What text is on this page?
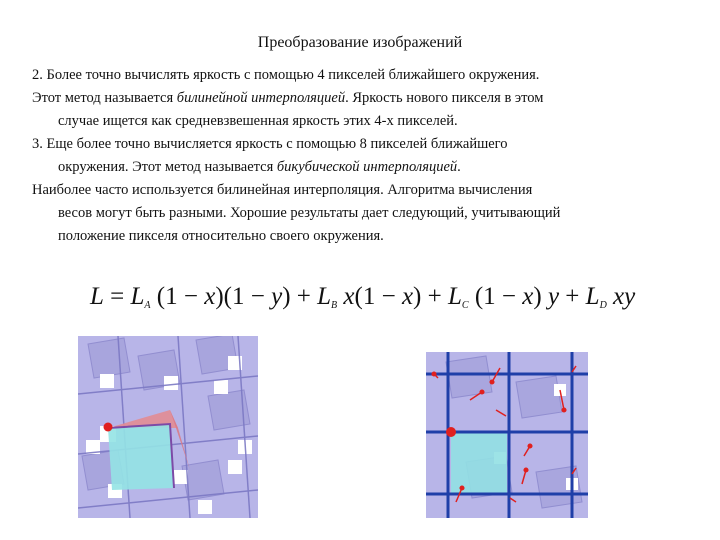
Преобразование изображений
2. Более точно вычислять яркость с помощью 4 пикселей ближайшего окружения.
Этот метод называется билинейной интерполяцией. Яркость нового пикселя в этом
случае ищется как средневзвешенная яркость этих 4-х пикселей.
3. Еще более точно вычисляется яркость с помощью 8 пикселей ближайшего
окружения. Этот метод называется бикубической интерполяцией.
Наиболее часто используется билинейная интерполяция. Алгоритма вычисления
весов могут быть разными. Хорошие результаты дает следующий, учитывающий
положение пикселя относительно своего окружения.
$L = L_A$ $(1 - x)(1 - y) + L_B$ $x(1 - x) + L_C$ (1 − x) $y + L_D$ xy
